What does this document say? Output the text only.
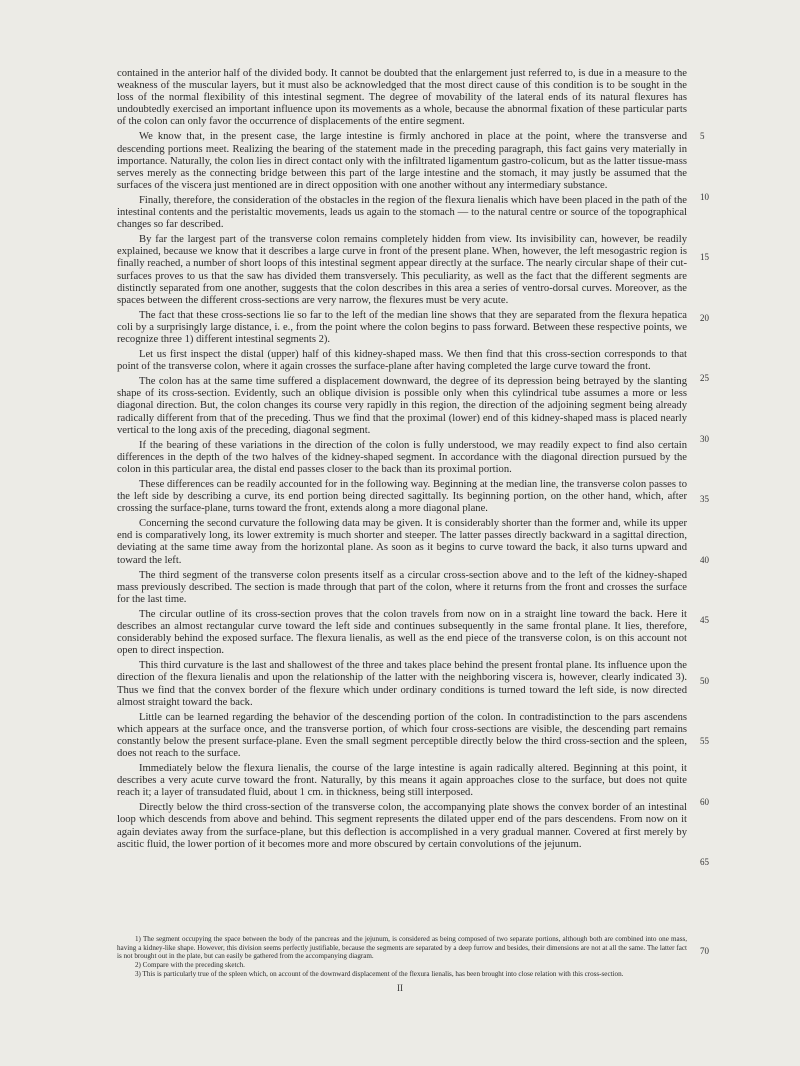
contained in the anterior half of the divided body. It cannot be doubted that the enlargement just referred to, is due in a measure to the weakness of the muscular layers, but it must also be acknowledged that the most direct cause of this condition is to be sought in the loss of the normal flexibility of this intestinal segment. The degree of movability of the lateral ends of its natural flexures has undoubtedly exercised an important influence upon its movements as a whole, because the abnormal fixation of these particular parts of the colon can only favor the occurrence of displacements of the entire segment.

We know that, in the present case, the large intestine is firmly anchored in place at the point, where the transverse and descending portions meet. Realizing the bearing of the statement made in the preceding paragraph, this fact gains very materially in importance. Naturally, the colon lies in direct contact only with the infiltrated ligamentum gastro-colicum, but as the latter tissue-mass serves merely as the connecting bridge between this part of the large intestine and the stomach, it may justly be assumed that the surfaces of the viscera just mentioned are in direct opposition with one another without any intermediary substance.

Finally, therefore, the consideration of the obstacles in the region of the flexura lienalis which have been placed in the path of the intestinal contents and the peristaltic movements, leads us again to the stomach — to the natural centre or source of the topographical changes so far described.

By far the largest part of the transverse colon remains completely hidden from view. Its invisibility can, however, be readily explained, because we know that it describes a large curve in front of the present plane. When, however, the left mesogastric region is finally reached, a number of short loops of this intestinal segment appear directly at the surface. The nearly circular shape of their cut-surfaces proves to us that the saw has divided them transversely. This peculiarity, as well as the fact that the different segments are distinctly separated from one another, suggests that the colon describes in this area a series of ventro-dorsal curves. Moreover, as the spaces between the different cross-sections are very narrow, the flexures must be very acute.

The fact that these cross-sections lie so far to the left of the median line shows that they are separated from the flexura hepatica coli by a surprisingly large distance, i. e., from the point where the colon begins to pass forward. Between these respective points, we recognize three 1) different intestinal segments 2).

Let us first inspect the distal (upper) half of this kidney-shaped mass. We then find that this cross-section corresponds to that point of the transverse colon, where it again crosses the surface-plane after having completed the large curve toward the front.

The colon has at the same time suffered a displacement downward, the degree of its depression being betrayed by the slanting shape of its cross-section. Evidently, such an oblique division is possible only when this cylindrical tube assumes a more or less diagonal direction. But, the colon changes its course very rapidly in this region, the direction of the adjoining segment being already radically different from that of the preceding. Thus we find that the proximal (lower) end of this kidney-shaped mass is placed nearly vertical to the long axis of the preceding, diagonal segment.

If the bearing of these variations in the direction of the colon is fully understood, we may readily expect to find also certain differences in the depth of the two halves of the kidney-shaped segment. In accordance with the diagonal direction pursued by the colon in this particular area, the distal end passes closer to the back than its proximal portion.

These differences can be readily accounted for in the following way. Beginning at the median line, the transverse colon passes to the left side by describing a curve, its end portion being directed sagittally. Its beginning portion, on the other hand, which, after crossing the surface-plane, turns toward the front, extends along a more diagonal plane.

Concerning the second curvature the following data may be given. It is considerably shorter than the former and, while its upper end is comparatively long, its lower extremity is much shorter and steeper. The latter passes directly backward in a sagittal direction, deviating at the same time away from the horizontal plane. As soon as it begins to curve toward the back, it also turns upward and toward the left.

The third segment of the transverse colon presents itself as a circular cross-section above and to the left of the kidney-shaped mass previously described. The section is made through that part of the colon, where it returns from the front and crosses the surface for the last time.

The circular outline of its cross-section proves that the colon travels from now on in a straight line toward the back. Here it describes an almost rectangular curve toward the left side and continues subsequently in the same frontal plane. It lies, therefore, considerably behind the exposed surface. The flexura lienalis, as well as the end piece of the transverse colon, is on this account not open to direct inspection.

This third curvature is the last and shallowest of the three and takes place behind the present frontal plane. Its influence upon the direction of the flexura lienalis and upon the relationship of the latter with the neighboring viscera is, however, clearly indicated 3). Thus we find that the convex border of the flexure which under ordinary conditions is turned toward the left side, is now directed almost straight toward the back.

Little can be learned regarding the behavior of the descending portion of the colon. In contradistinction to the pars ascendens which appears at the surface once, and the transverse portion, of which four cross-sections are visible, the descending part remains constantly below the present surface-plane. Even the small segment perceptible directly below the third cross-section and the spleen, does not reach to the surface.

Immediately below the flexura lienalis, the course of the large intestine is again radically altered. Beginning at this point, it describes a very acute curve toward the front. Naturally, by this means it again approaches close to the surface, but does not quite reach it; a layer of transudated fluid, about 1 cm. in thickness, being still interposed.

Directly below the third cross-section of the transverse colon, the accompanying plate shows the convex border of an intestinal loop which descends from above and behind. This segment represents the dilated upper end of the pars descendens. From now on it again deviates away from the surface-plane, but this deflection is accomplished in a very gradual manner. Covered at first merely by ascitic fluid, the lower portion of it becomes more and more obscured by certain convolutions of the jejunum.

5
10
15
20
25
30
35
40
45
50
55
60
65
70

1) The segment occupying the space between the body of the pancreas and the jejunum, is considered as being composed of two separate portions, although both are combined into one mass, having a kidney-like shape. However, this division seems perfectly justifiable, because the segments are separated by a deep furrow and besides, their dimensions are not at all the same. The latter fact is not brought out in the plate, but can easily be gathered from the accompanying diagram.

2) Compare with the preceding sketch.

3) This is particularly true of the spleen which, on account of the downward displacement of the flexura lienalis, has been brought into close relation with this cross-section.

II
